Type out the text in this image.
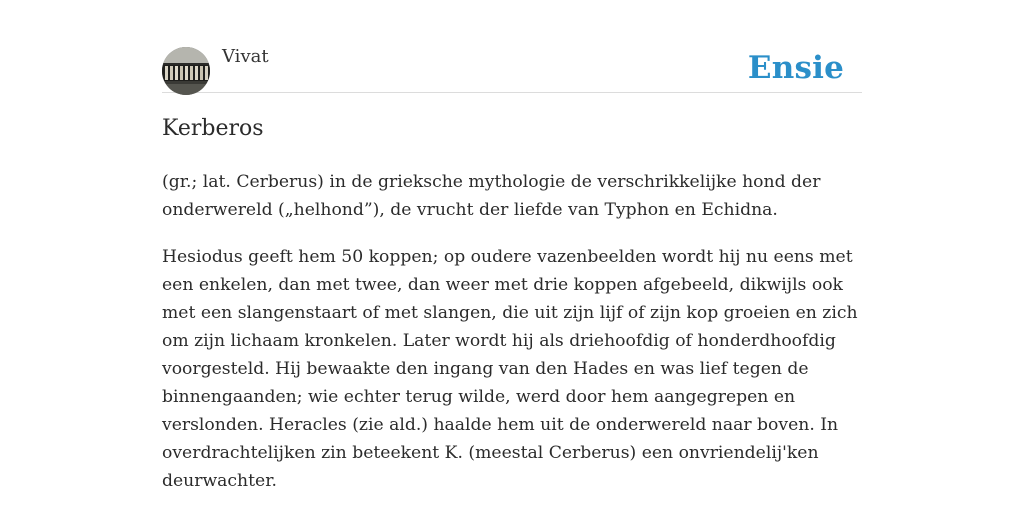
Vivat	Ensie
Kerberos

(gr.; lat. Cerberus) in de grieksche mythologie de verschrikkelijke hond der onderwereld („helhond”), de vrucht der liefde van Typhon en Echidna.

Hesiodus geeft hem 50 koppen; op oudere vazenbeelden wordt hij nu eens met een enkelen, dan met twee, dan weer met drie koppen afgebeeld, dikwijls ook met een slangenstaart of met slangen, die uit zijn lijf of zijn kop groeien en zich om zijn lichaam kronkelen. Later wordt hij als driehoofdig of honderdhoofdig voorgesteld. Hij bewaakte den ingang van den Hades en was lief tegen de binnengaanden; wie echter terug wilde, werd door hem aangegrepen en verslonden. Heracles (zie ald.) haalde hem uit de onderwereld naar boven. In overdrachtelijken zin beteekent K. (meestal Cerberus) een onvriendelij'ken deurwachter.
